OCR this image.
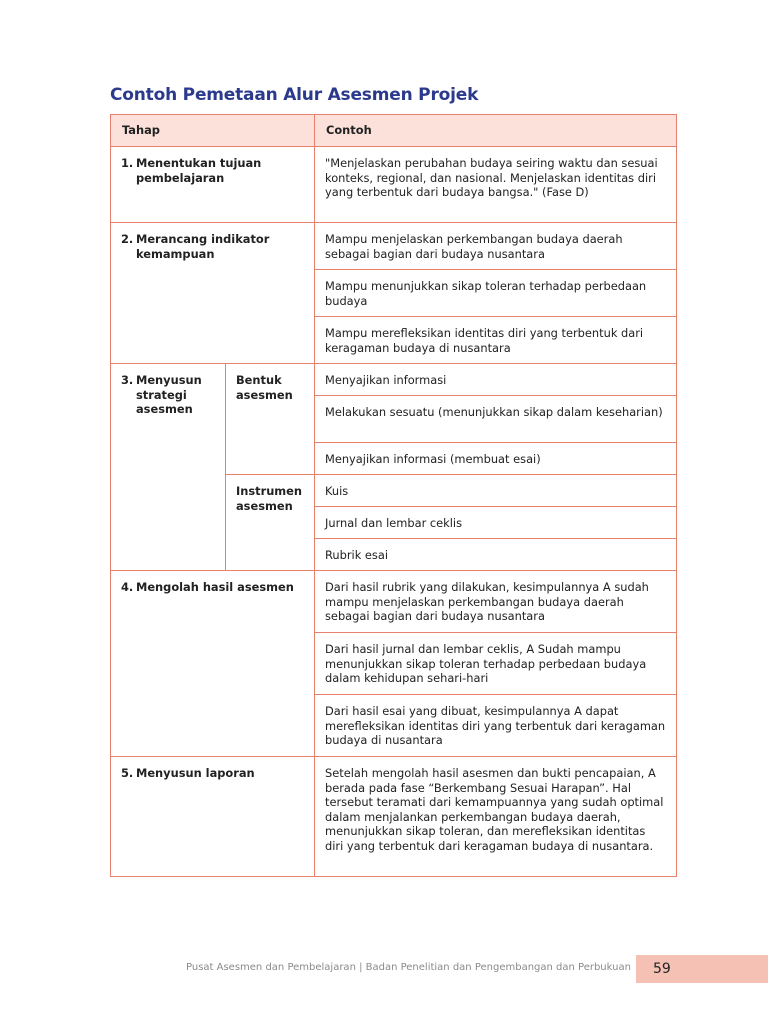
Contoh Pemetaan Alur Asesmen Projek
Tahap		Contoh

1. Menentukan tujuan pembelajaran		"Menjelaskan perubahan budaya seiring waktu dan sesuai konteks, regional, dan nasional. Menjelaskan identitas diri yang terbentuk dari budaya bangsa." (Fase D)

2. Merancang indikator kemampuan		Mampu menjelaskan perkembangan budaya daerah sebagai bagian dari budaya nusantara
		Mampu menunjukkan sikap toleran terhadap perbedaan budaya
		Mampu merefleksikan identitas diri yang terbentuk dari keragaman budaya di nusantara

3. Menyusun strategi asesmen	Bentuk asesmen	Menyajikan informasi
		Melakukan sesuatu (menunjukkan sikap dalam keseharian)
		Menyajikan informasi (membuat esai)
	Instrumen asesmen	Kuis
		Jurnal dan lembar ceklis
		Rubrik esai

4. Mengolah hasil asesmen		Dari hasil rubrik yang dilakukan, kesimpulannya A sudah mampu menjelaskan perkembangan budaya daerah sebagai bagian dari budaya nusantara
		Dari hasil jurnal dan lembar ceklis, A Sudah mampu menunjukkan sikap toleran terhadap perbedaan budaya dalam kehidupan sehari-hari
		Dari hasil esai yang dibuat, kesimpulannya A dapat merefleksikan identitas diri yang terbentuk dari keragaman budaya di nusantara

5. Menyusun laporan		Setelah mengolah hasil asesmen dan bukti pencapaian, A berada pada fase “Berkembang Sesuai Harapan”. Hal tersebut teramati dari kemampuannya yang sudah optimal dalam menjalankan perkembangan budaya daerah, menunjukkan sikap toleran, dan merefleksikan identitas diri yang terbentuk dari keragaman budaya di nusantara.
Pusat Asesmen dan Pembelajaran | Badan Penelitian dan Pengembangan dan Perbukuan 59
